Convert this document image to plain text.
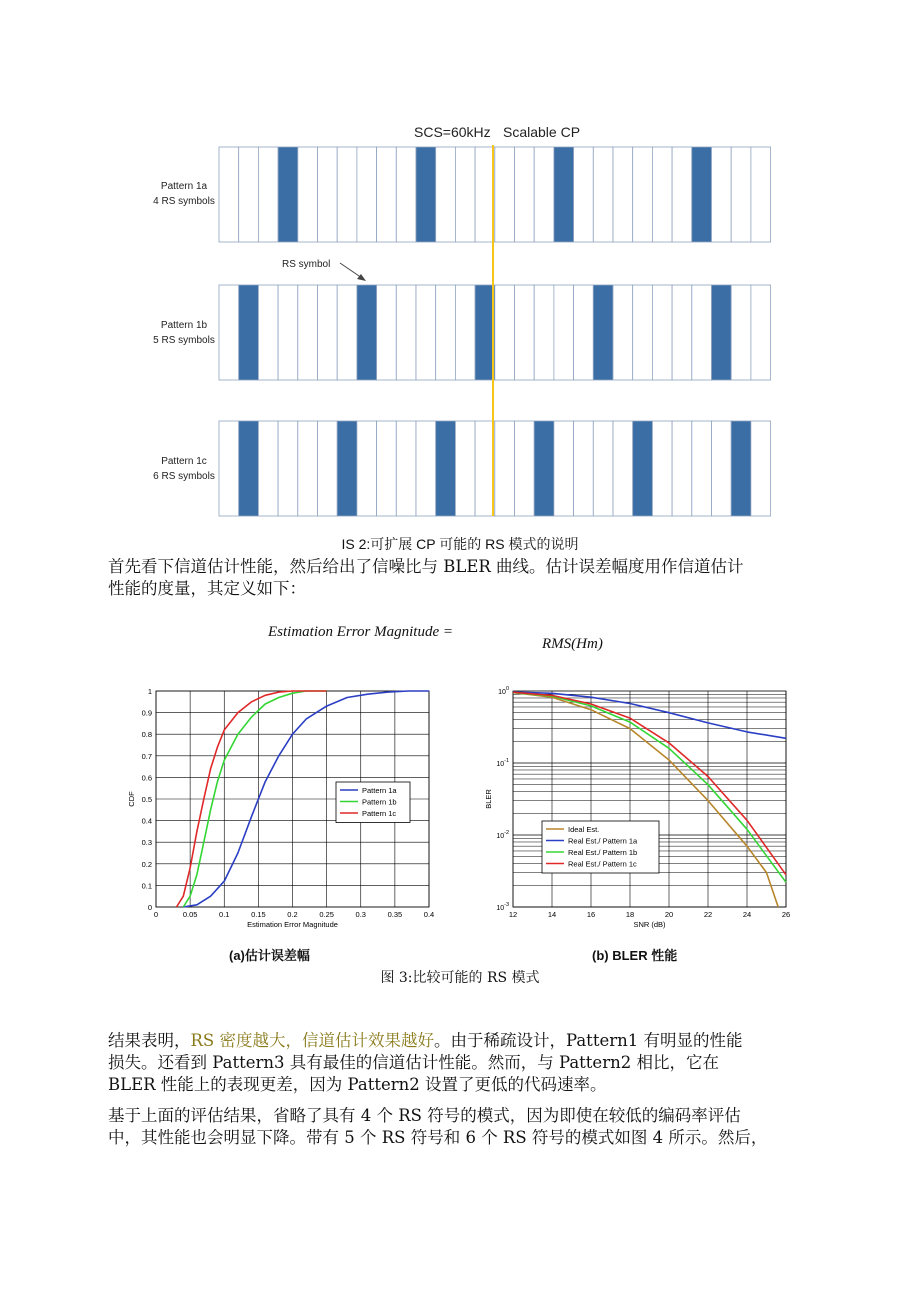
SCS=60kHz Scalable CP
Pattern 1a
4 RS symbols
Pattern 1b
5 RS symbols
Pattern 1c
6 RS symbols
RS symbol
IS 2:可扩展 CP 可能的 RS 模式的说明
首先看下信道估计性能，然后给出了信噪比与 BLER 曲线。估计误差幅度用作信道估计
性能的度量，其定义如下：
Estimation Error Magnitude =
RMS(Hm)
0	0.05	0.1	0.15	0.2	0.25	0.3	0.35	0.4
0
0.1
0.2
0.3
0.4
0.5
0.6
0.7
0.8
0.9
1
Estimation Error Magnitude
CDF
Pattern 1a
Pattern 1b
Pattern 1c
12	14	16	18	20	22	24	26
$10^{-3}$
$10^{-2}$
$10^{-1}$
$10^0$
SNR (dB)
BLER
Ideal Est.
Real Est./ Pattern 1a
Real Est./ Pattern 1b
Real Est./ Pattern 1c
(a)估计误差幅	(b) BLER 性能
图 3:比较可能的 RS 模式
结果表明，RS 密度越大，信道估计效果越好。由于稀疏设计，Pattern1 有明显的性能
损失。还看到 Pattern3 具有最佳的信道估计性能。然而，与 Pattern2 相比，它在
BLER 性能上的表现更差，因为 Pattern2 设置了更低的代码速率。
基于上面的评估结果，省略了具有 4 个 RS 符号的模式，因为即使在较低的编码率评估
中，其性能也会明显下降。带有 5 个 RS 符号和 6 个 RS 符号的模式如图 4 所示。然后，
